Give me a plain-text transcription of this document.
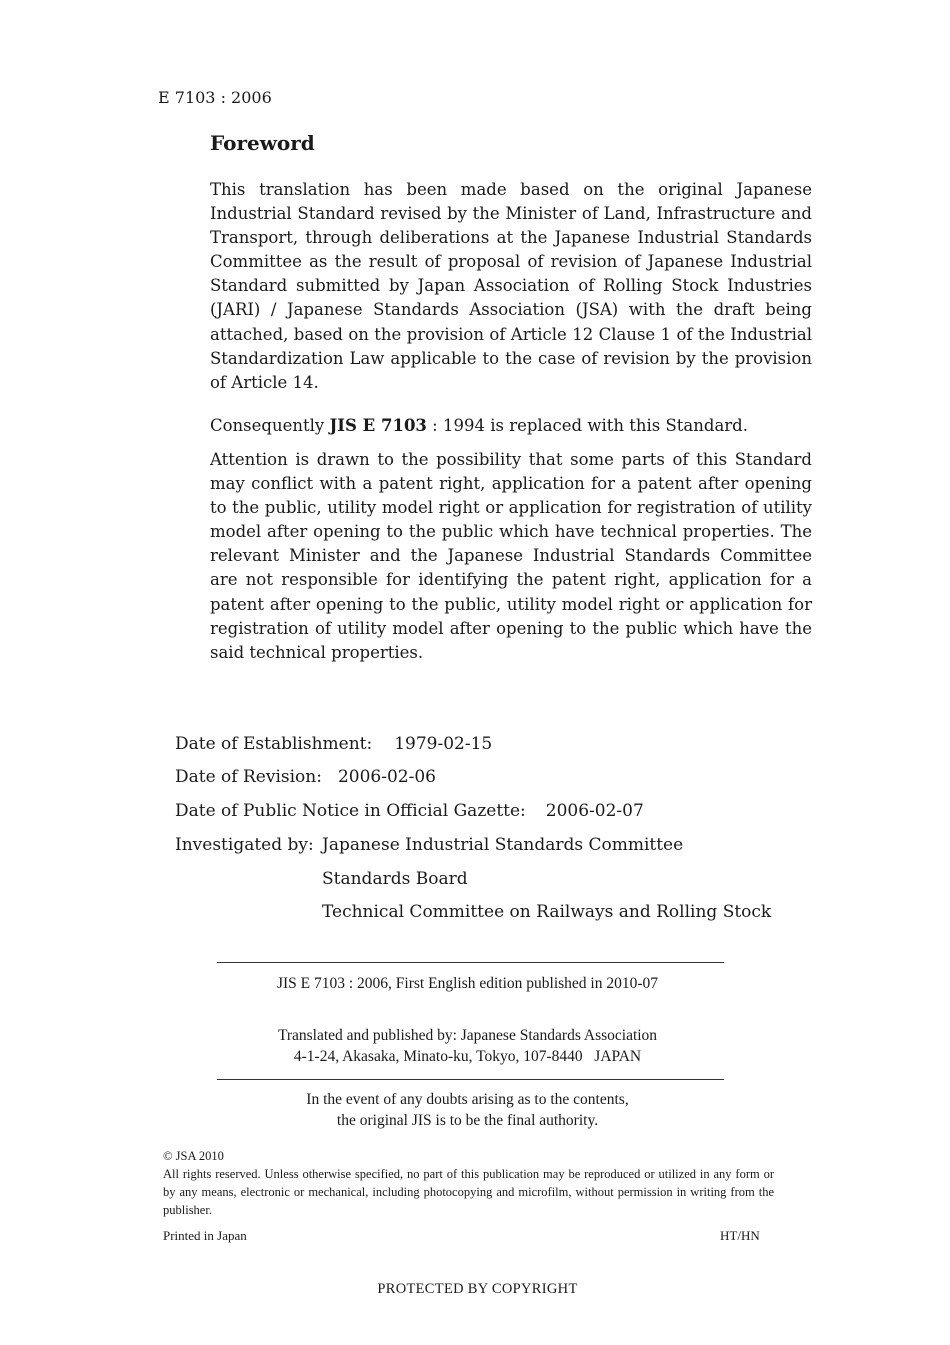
E 7103 : 2006
Foreword
This translation has been made based on the original Japanese Industrial Standard revised by the Minister of Land, Infrastructure and Transport, through deliberations at the Japanese Industrial Standards Committee as the result of proposal of revision of Japanese Industrial Standard submitted by Japan Association of Rolling Stock Industries (JARI) / Japanese Standards Association (JSA) with the draft being attached, based on the provision of Article 12 Clause 1 of the Industrial Standardization Law applicable to the case of revision by the provision of Article 14.
Consequently JIS E 7103 : 1994 is replaced with this Standard.
Attention is drawn to the possibility that some parts of this Standard may conflict with a patent right, application for a patent after opening to the public, utility model right or application for registration of utility model after opening to the public which have technical properties. The relevant Minister and the Japanese Industrial Standards Committee are not responsible for identifying the patent right, application for a patent after opening to the public, utility model right or application for registration of utility model after opening to the public which have the said technical properties.
Date of Establishment: 1979-02-15
Date of Revision: 2006-02-06
Date of Public Notice in Official Gazette: 2006-02-07
Investigated by: Japanese Industrial Standards Committee
Standards Board
Technical Committee on Railways and Rolling Stock
JIS E 7103 : 2006, First English edition published in 2010-07
Translated and published by: Japanese Standards Association
4-1-24, Akasaka, Minato-ku, Tokyo, 107-8440   JAPAN
In the event of any doubts arising as to the contents,
the original JIS is to be the final authority.
© JSA 2010
All rights reserved. Unless otherwise specified, no part of this publication may be reproduced or utilized in any form or by any means, electronic or mechanical, including photocopying and microfilm, without permission in writing from the publisher.
Printed in Japan	HT/HN
PROTECTED BY COPYRIGHT
